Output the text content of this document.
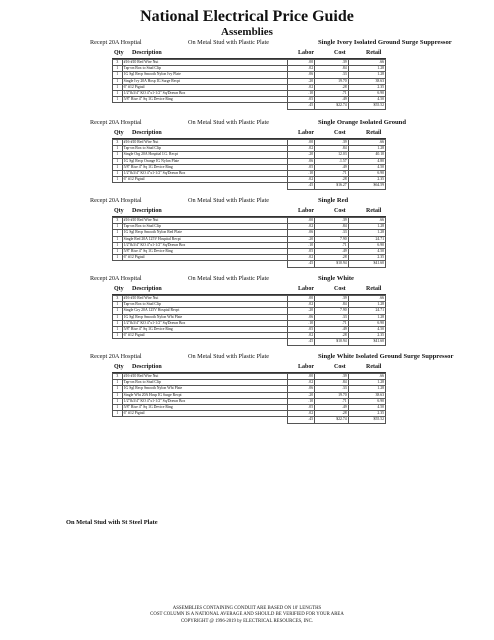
National Electrical Price Guide
Assemblies
Recept 20A Hosptial	On Metal Stud with Plastic Plate	Single Ivory Isolated Ground Surge Suppressor
Qty Description	Labor	Cost	Retail
3	#16-#10 Red Wire Nut	.00	.39	.66
1	Tap-on Box to Stud Clip	.02	.84	1.28
1	1G Sgl Recp Smooth Nylon Ivy Plate	.06	.33	1.28
1	Single Ivy 20A Hosp IG Surge Recpt	.20	19.70	38.63
1	6" #12 Pigtail	.02	.28	2.35
1	1/2"&3/4" KO 4"x1-1/2" Sq/Drawn Box	.10	.71	6.90
1	5/8" Rise 4" Sq 1G Device Ring	.05	.49	4.50
		.45	$22.74	$55.52
Recept 20A Hosptial	On Metal Stud with Plastic Plate	Single Orange Isolated Ground
Qty Description	Labor	Cost	Retail
3	#16-#10 Red Wire Nut	.00	.39	.66
1	Tap-on Box to Stud Clip	.02	.84	1.28
1	Single Org 20A Hospital I.G. Recpt	.20	12.03	40.10
1	1G Sgl Recp Orange IG Nylon Plate	.06	.1.57	4.80
1	5/8" Rise 4" Sq 1G Device Ring	.05	.49	4.50
1	1/2"&3/4" KO 4"x1-1/2" Sq/Drawn Box	.10	.71	6.90
1	6" #12 Pigtail	.02	.28	2.35
		.45	$16.27	$64.59
Recept 20A Hospital	On Metal Stud with Plastic Plate	Single Red
Qty Description	Labor	Cost	Retail
3	#16-#10 Red Wire Nut	.00	.39	.66
1	Tap-on Box to Stud Clip	.02	.84	1.28
1	1G Sgl Recp Smooth Nylon Red Plate	.06	.33	1.28
1	Single Red 20A 125V Hospital Recpt	.20	7.90	24.71
1	1/2"&3/4" KO 4"x1-1/2" Sq/Drawn Box	.10	.71	6.90
1	5/8" Rise 4" Sq 1G Device Ring	.05	.49	4.50
1	6" #12 Pigtail	.02	.28	2.35
		.45	$10.94	$41.60
Recept 20A Hospital	On Metal Stud with Plastic Plate	Single White
Qty Description	Labor	Cost	Retail
3	#16-#10 Red Wire Nut	.00	.39	.66
1	Tap-on Box to Stud Clip	.02	.84	1.28
1	Single Gry 20A 125V Hosptal Recpt	.20	7.90	24.71
1	1G Sgl Recp Smooth Nylon Wht Plate	.06	.33	1.28
1	1/2"&3/4" KO 4"x1-1/2" Sq/Drawn Box	.10	.71	6.90
1	5/8" Rise 4" Sq 1G Device Ring	.05	.49	4.50
1	6" #12 Pigtail	.02	.28	2.35
		.45	$10.94	$41.60
Recept 20A Hosptial	On Metal Stud with Plastic Plate	Single White Isolated Ground Surge Suppressor
Qty Description	Labor	Cost	Retail
3	#16-#10 Red Wire Nut	.00	.39	.66
1	Tap-on Box to Stud Clip	.02	.84	1.28
1	1G Sgl Recp Smooth Nylon Wht Plate	.06	.33	1.28
1	Single Wht 20A Hosp IG Surge Recpt	.20	19.70	38.63
1	1/2"&3/4" KO 4"x1-1/2" Sq/Drawn Box	.10	.71	6.90
1	5/8" Rise 4" Sq 1G Device Ring	.05	.49	4.50
1	6" #12 Pigtail	.02	.28	2.35
		.45	$22.74	$55.52
On Metal Stud with St Steel Plate
ASSEMBLIES CONTAINING CONDUIT ARE BASED ON 10' LENGTHS
COST COLUMN IS A NATIONAL AVERAGE AND SHOULD BE VERIFIED FOR YOUR AREA
COPYRIGHT @ 1996-2019 by ELECTRICAL RESOURCES, INC.
